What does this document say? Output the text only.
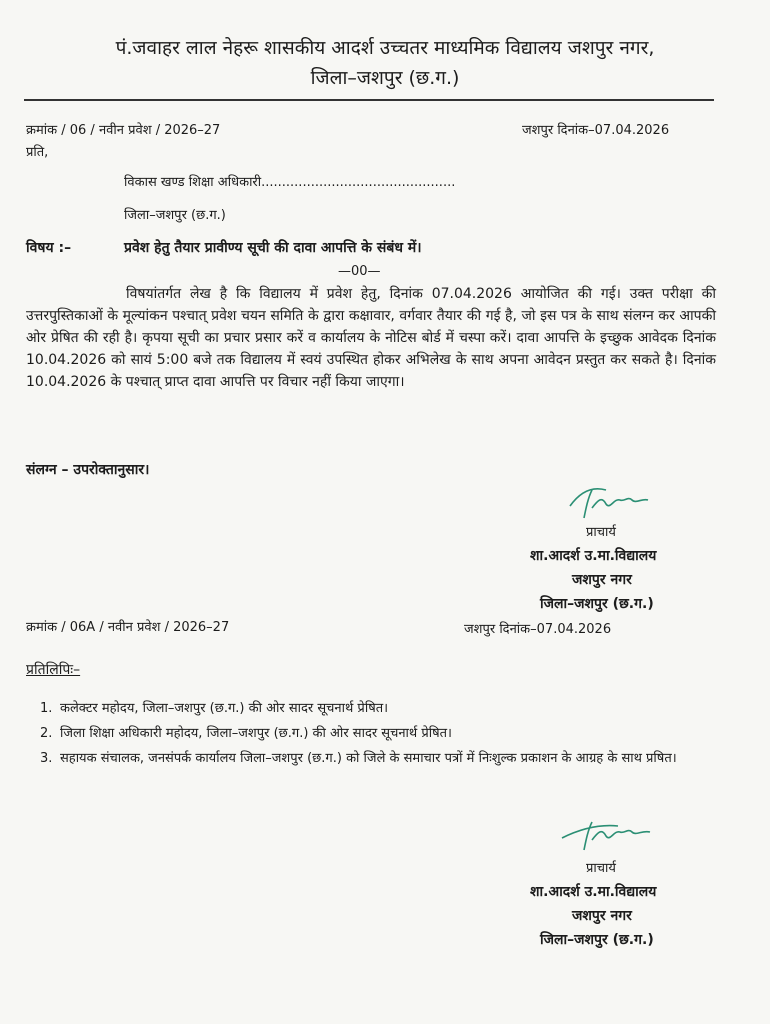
पं.जवाहर लाल नेहरू शासकीय आदर्श उच्चतर माध्यमिक विद्यालय जशपुर नगर,
जिला–जशपुर (छ.ग.)
क्रमांक / 06 / नवीन प्रवेश / 2026–27	जशपुर दिनांक–07.04.2026
प्रति,
विकास खण्ड शिक्षा अधिकारी...............................................
जिला–जशपुर (छ.ग.)
विषय :–	प्रवेश हेतु तैयार प्रावीण्य सूची की दावा आपत्ति के संबंध में।
—00—
विषयांतर्गत लेख है कि विद्यालय में प्रवेश हेतु, दिनांक 07.04.2026 आयोजित की गई। उक्त परीक्षा की उत्तरपुस्तिकाओं के मूल्यांकन पश्चात् प्रवेश चयन समिति के द्वारा कक्षावार, वर्गवार तैयार की गई है, जो इस पत्र के साथ संलग्न कर आपकी ओर प्रेषित की रही है। कृपया सूची का प्रचार प्रसार करें व कार्यालय के नोटिस बोर्ड में चस्पा करें। दावा आपत्ति के इच्छुक आवेदक दिनांक 10.04.2026 को सायं 5:00 बजे तक विद्यालय में स्वयं उपस्थित होकर अभिलेख के साथ अपना आवेदन प्रस्तुत कर सकते है। दिनांक 10.04.2026 के पश्चात् प्राप्त दावा आपत्ति पर विचार नहीं किया जाएगा।
संलग्न – उपरोक्तानुसार।
प्राचार्य
शा.आदर्श उ.मा.विद्यालय
जशपुर नगर
जिला–जशपुर (छ.ग.)
क्रमांक / 06A / नवीन प्रवेश / 2026–27	जशपुर दिनांक–07.04.2026
प्रतिलिपिः–
1. कलेक्टर महोदय, जिला–जशपुर (छ.ग.) की ओर सादर सूचनार्थ प्रेषित।
2. जिला शिक्षा अधिकारी महोदय, जिला–जशपुर (छ.ग.) की ओर सादर सूचनार्थ प्रेषित।
3. सहायक संचालक, जनसंपर्क कार्यालय जिला–जशपुर (छ.ग.) को जिले के समाचार पत्रों में निःशुल्क प्रकाशन के आग्रह के साथ प्रषित।
प्राचार्य
शा.आदर्श उ.मा.विद्यालय
जशपुर नगर
जिला–जशपुर (छ.ग.)
